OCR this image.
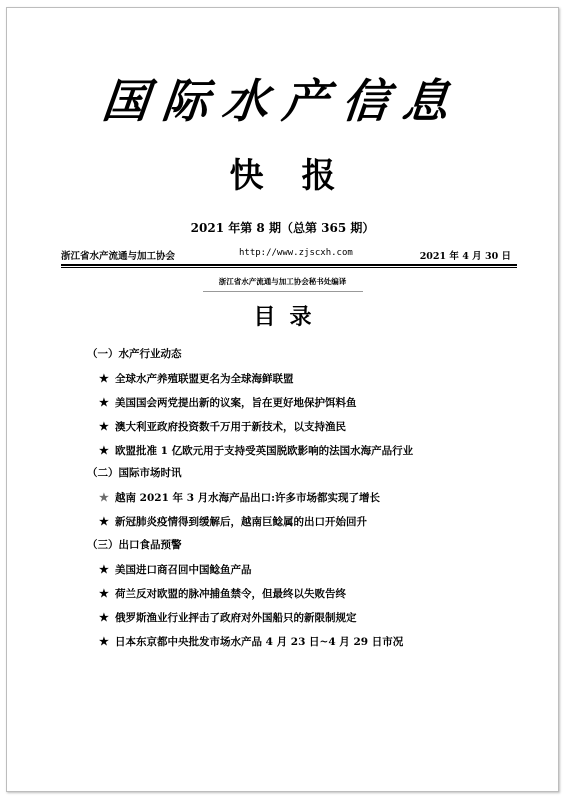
国际水产信息
快报
2021 年第 8 期（总第 365 期）
浙江省水产流通与加工协会	http://www.zjscxh.com	2021 年 4 月 30 日
浙江省水产流通与加工协会秘书处编译
目录
（一）水产行业动态
★ 全球水产养殖联盟更名为全球海鲜联盟
★ 美国国会两党提出新的议案，旨在更好地保护饵料鱼
★ 澳大利亚政府投资数千万用于新技术，以支持渔民
★ 欧盟批准 1 亿欧元用于支持受英国脱欧影响的法国水海产品行业
（二）国际市场时讯
★ 越南 2021 年 3 月水海产品出口:许多市场都实现了增长
★ 新冠肺炎疫情得到缓解后，越南巨鲶属的出口开始回升
（三）出口食品预警
★ 美国进口商召回中国鲶鱼产品
★ 荷兰反对欧盟的脉冲捕鱼禁令，但最终以失败告终
★ 俄罗斯渔业行业抨击了政府对外国船只的新限制规定
★ 日本东京都中央批发市场水产品 4 月 23 日~4 月 29 日市况
